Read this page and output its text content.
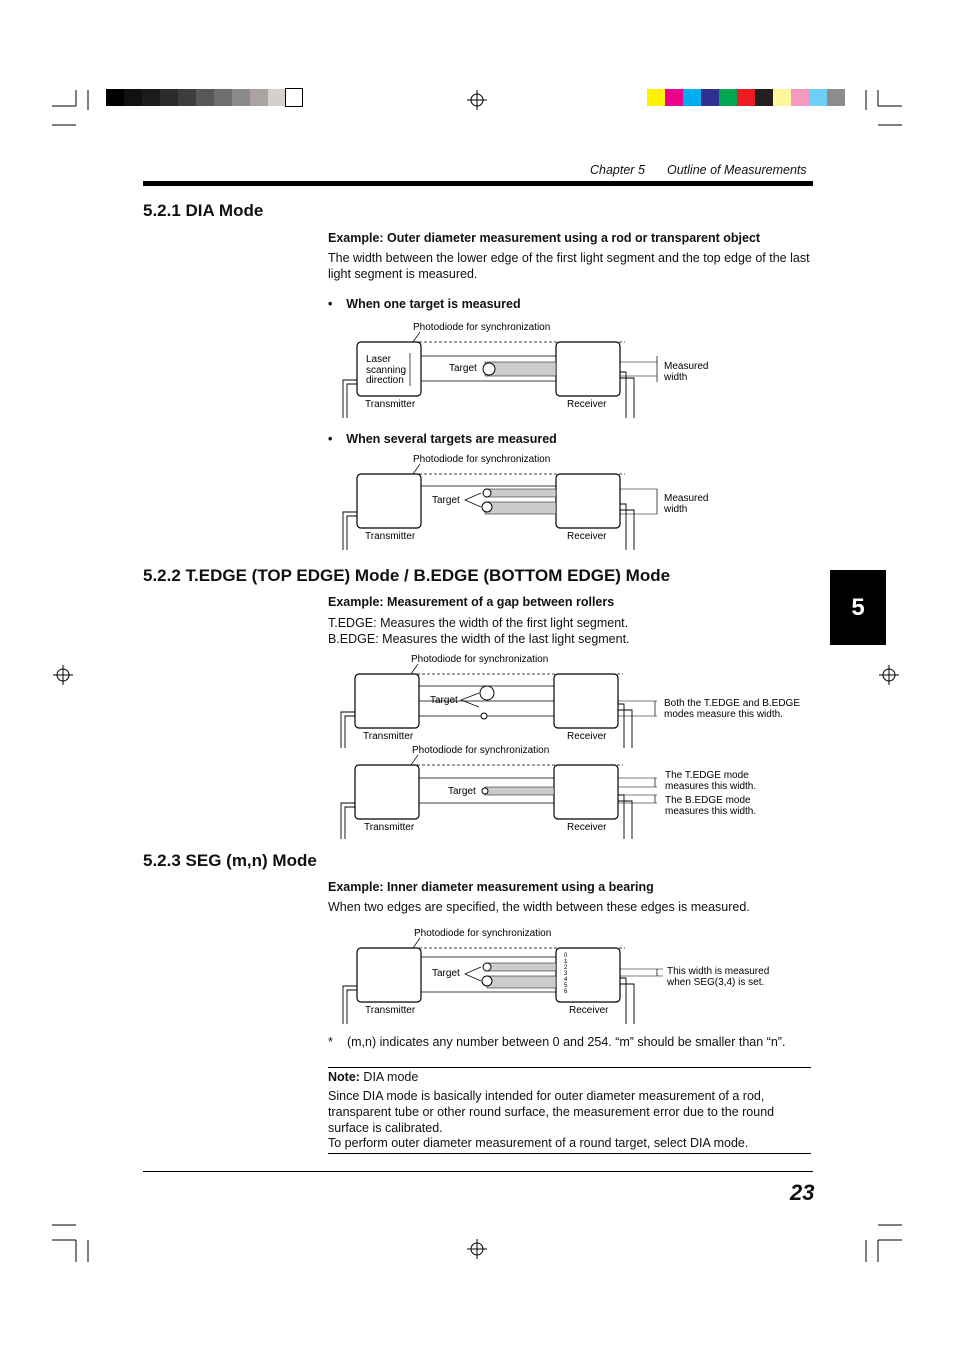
Chapter 5 Outline of Measurements
5
5.2.1 DIA Mode
Example: Outer diameter measurement using a rod or transparent object
The width between the lower edge of the first light segment and the top edge of the last light segment is measured.
•    When one target is measured
Photodiode for synchronization
Laser
scanning
direction
Target	Measured
width
Transmitter	Receiver
•    When several targets are measured
Photodiode for synchronization
Target	Measured
width
Transmitter	Receiver
5.2.2 T.EDGE (TOP EDGE) Mode / B.EDGE (BOTTOM EDGE) Mode
Example: Measurement of a gap between rollers
T.EDGE: Measures the width of the first light segment.
B.EDGE: Measures the width of the last light segment.
Photodiode for synchronization
Target	Both the T.EDGE and B.EDGE
modes measure this width.
Transmitter	Receiver
Photodiode for synchronization
Target
The T.EDGE mode
measures this width.
The B.EDGE mode
measures this width.
Transmitter	Receiver
5.2.3 SEG (m,n) Mode
Example: Inner diameter measurement using a bearing
When two edges are specified, the width between these edges is measured.
Photodiode for synchronization
Target
0
1
2
3
4
5
6
This width is measured
when SEG(3,4) is set.
Transmitter	Receiver
* (m,n) indicates any number between 0 and 254. “m” should be smaller than “n”.
Note: DIA mode
Since DIA mode is basically intended for outer diameter measurement of a rod, transparent tube or other round surface, the measurement error due to the round surface is calibrated.
To perform outer diameter measurement of a round target, select DIA mode.
23
